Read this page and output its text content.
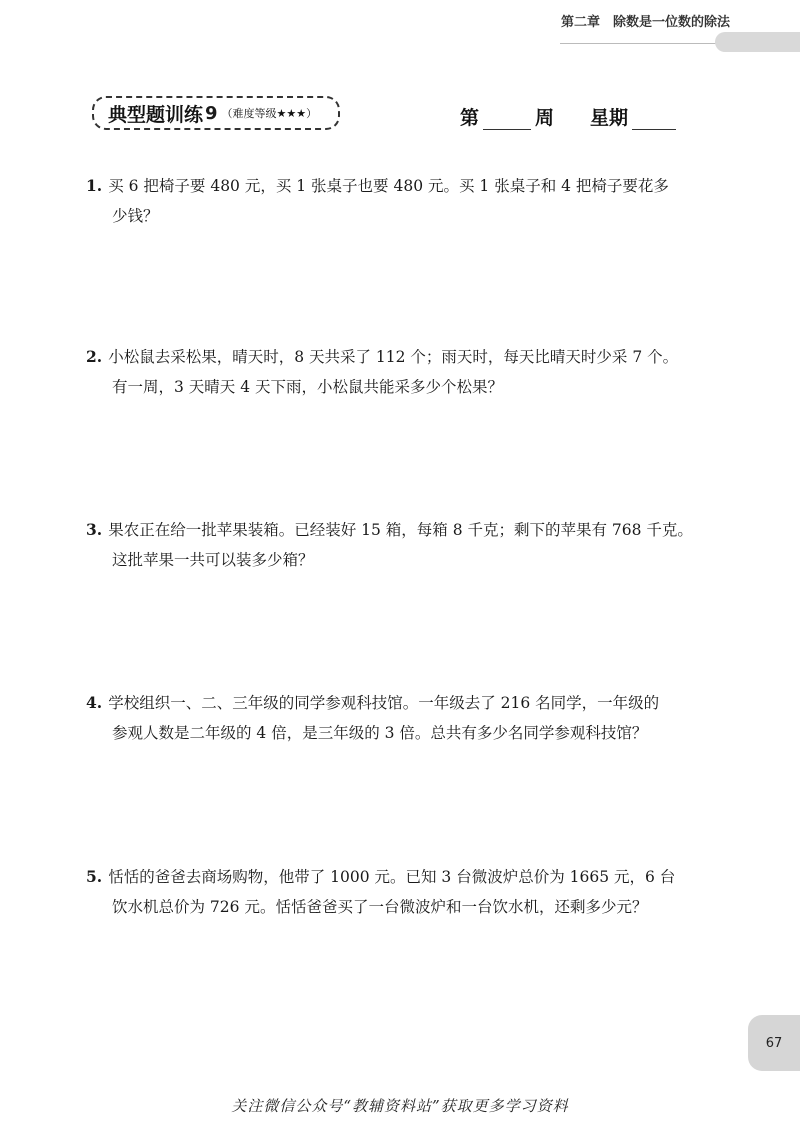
第二章　除数是一位数的除法
典型题训练 9 （难度等级★★★）	第	周 星期
1. 买 6 把椅子要 480 元，买 1 张桌子也要 480 元。买 1 张桌子和 4 把椅子要花多
少钱？
2. 小松鼠去采松果，晴天时，8 天共采了 112 个；雨天时，每天比晴天时少采 7 个。
有一周，3 天晴天 4 天下雨，小松鼠共能采多少个松果？
3. 果农正在给一批苹果装箱。已经装好 15 箱，每箱 8 千克；剩下的苹果有 768 千克。
这批苹果一共可以装多少箱？
4. 学校组织一、二、三年级的同学参观科技馆。一年级去了 216 名同学，一年级的
参观人数是二年级的 4 倍，是三年级的 3 倍。总共有多少名同学参观科技馆？
5. 恬恬的爸爸去商场购物，他带了 1000 元。已知 3 台微波炉总价为 1665 元，6 台
饮水机总价为 726 元。恬恬爸爸买了一台微波炉和一台饮水机，还剩多少元？
67
关注微信公众号“教辅资料站”获取更多学习资料
